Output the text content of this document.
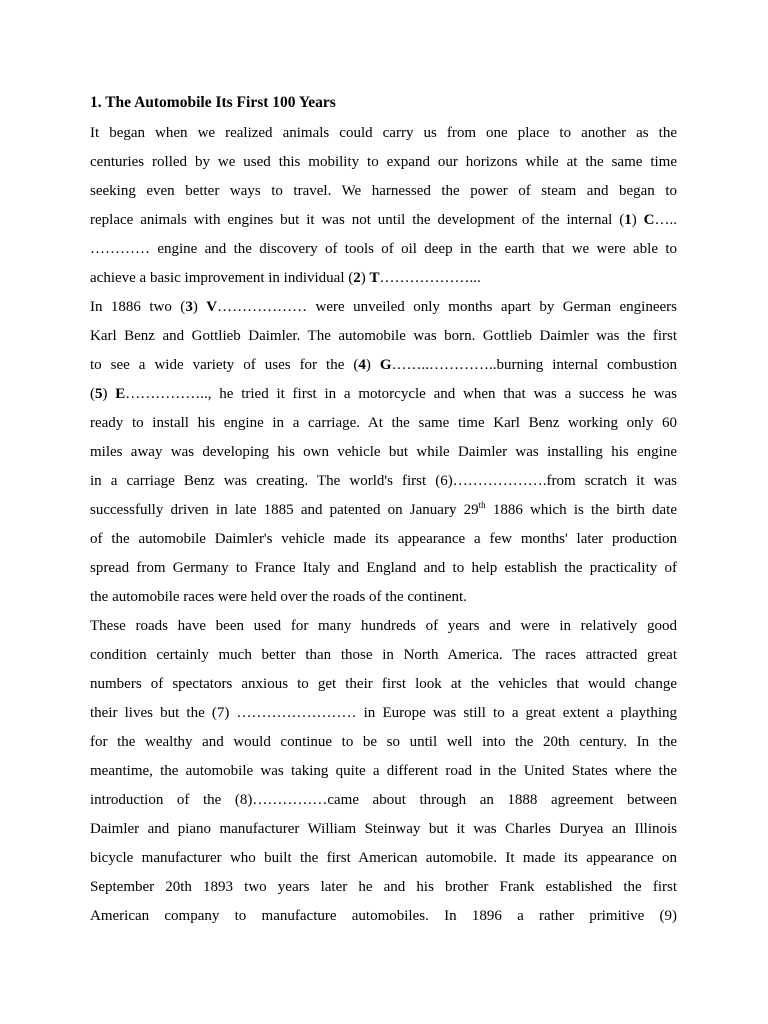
1. The Automobile Its First 100 Years
It began when we realized animals could carry us from one place to another as the
centuries rolled by we used this mobility to expand our horizons while at the same time
seeking even better ways to travel. We harnessed the power of steam and began to
replace animals with engines but it was not until the development of the internal (1) C…..
………… engine and the discovery of tools of oil deep in the earth that we were able to
achieve a basic improvement in individual (2) T………………...
In 1886 two (3) V……………… were unveiled only months apart by German engineers
Karl Benz and Gottlieb Daimler. The automobile was born. Gottlieb Daimler was the first
to see a wide variety of uses for the (4) G……..…………..burning internal combustion
(5) E…………….., he tried it first in a motorcycle and when that was a success he was
ready to install his engine in a carriage. At the same time Karl Benz working only 60
miles away was developing his own vehicle but while Daimler was installing his engine
in a carriage Benz was creating. The world's first (6)……………….from scratch it was
successfully driven in late 1885 and patented on January 29th 1886 which is the birth date
of the automobile Daimler's vehicle made its appearance a few months' later production
spread from Germany to France Italy and England and to help establish the practicality of
the automobile races were held over the roads of the continent.
These roads have been used for many hundreds of years and were in relatively good
condition certainly much better than those in North America. The races attracted great
numbers of spectators anxious to get their first look at the vehicles that would change
their lives but the (7) …………………… in Europe was still to a great extent a plaything
for the wealthy and would continue to be so until well into the 20th century. In the
meantime, the automobile was taking quite a different road in the United States where the
introduction of the (8)……………came about through an 1888 agreement between
Daimler and piano manufacturer William Steinway but it was Charles Duryea an Illinois
bicycle manufacturer who built the first American automobile. It made its appearance on
September 20th 1893 two years later he and his brother Frank established the first
American company to manufacture automobiles. In 1896 a rather primitive (9)
